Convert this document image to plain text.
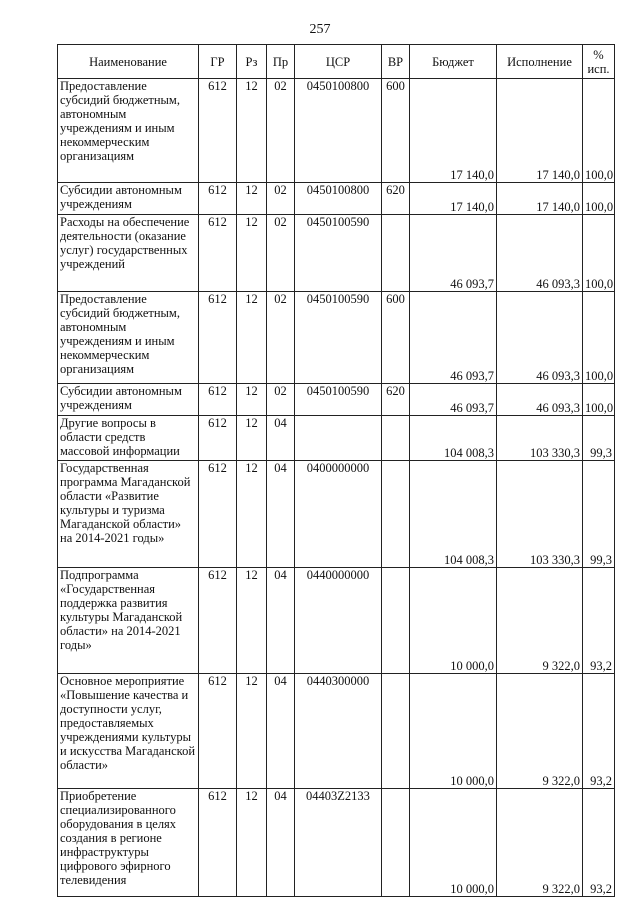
257
Наименование	ГР	Рз	Пр	ЦСР	ВР	Бюджет	Исполнение	%
исп.
Предоставление субсидий бюджетным, автономным учреждениям и иным некоммерческим организациям	612	12	02	0450100800	600	17 140,0	17 140,0	100,0
Субсидии автономным учреждениям	612	12	02	0450100800	620	17 140,0	17 140,0	100,0
Расходы на обеспечение деятельности (оказание услуг) государственных учреждений	612	12	02	0450100590		46 093,7	46 093,3	100,0
Предоставление субсидий бюджетным, автономным учреждениям и иным некоммерческим организациям	612	12	02	0450100590	600	46 093,7	46 093,3	100,0
Субсидии автономным учреждениям	612	12	02	0450100590	620	46 093,7	46 093,3	100,0
Другие вопросы в области средств массовой информации	612	12	04			104 008,3	103 330,3	99,3
Государственная программа Магаданской области «Развитие культуры и туризма Магаданской области» на 2014-2021 годы»	612	12	04	0400000000		104 008,3	103 330,3	99,3
Подпрограмма «Государственная поддержка развития культуры Магаданской области» на 2014-2021 годы»	612	12	04	0440000000		10 000,0	9 322,0	93,2
Основное мероприятие «Повышение качества и доступности услуг, предоставляемых учреждениями культуры и искусства Магаданской области»	612	12	04	0440300000		10 000,0	9 322,0	93,2
Приобретение специализированного оборудования в целях создания в регионе инфраструктуры цифрового эфирного телевидения	612	12	04	04403Z2133		10 000,0	9 322,0	93,2
